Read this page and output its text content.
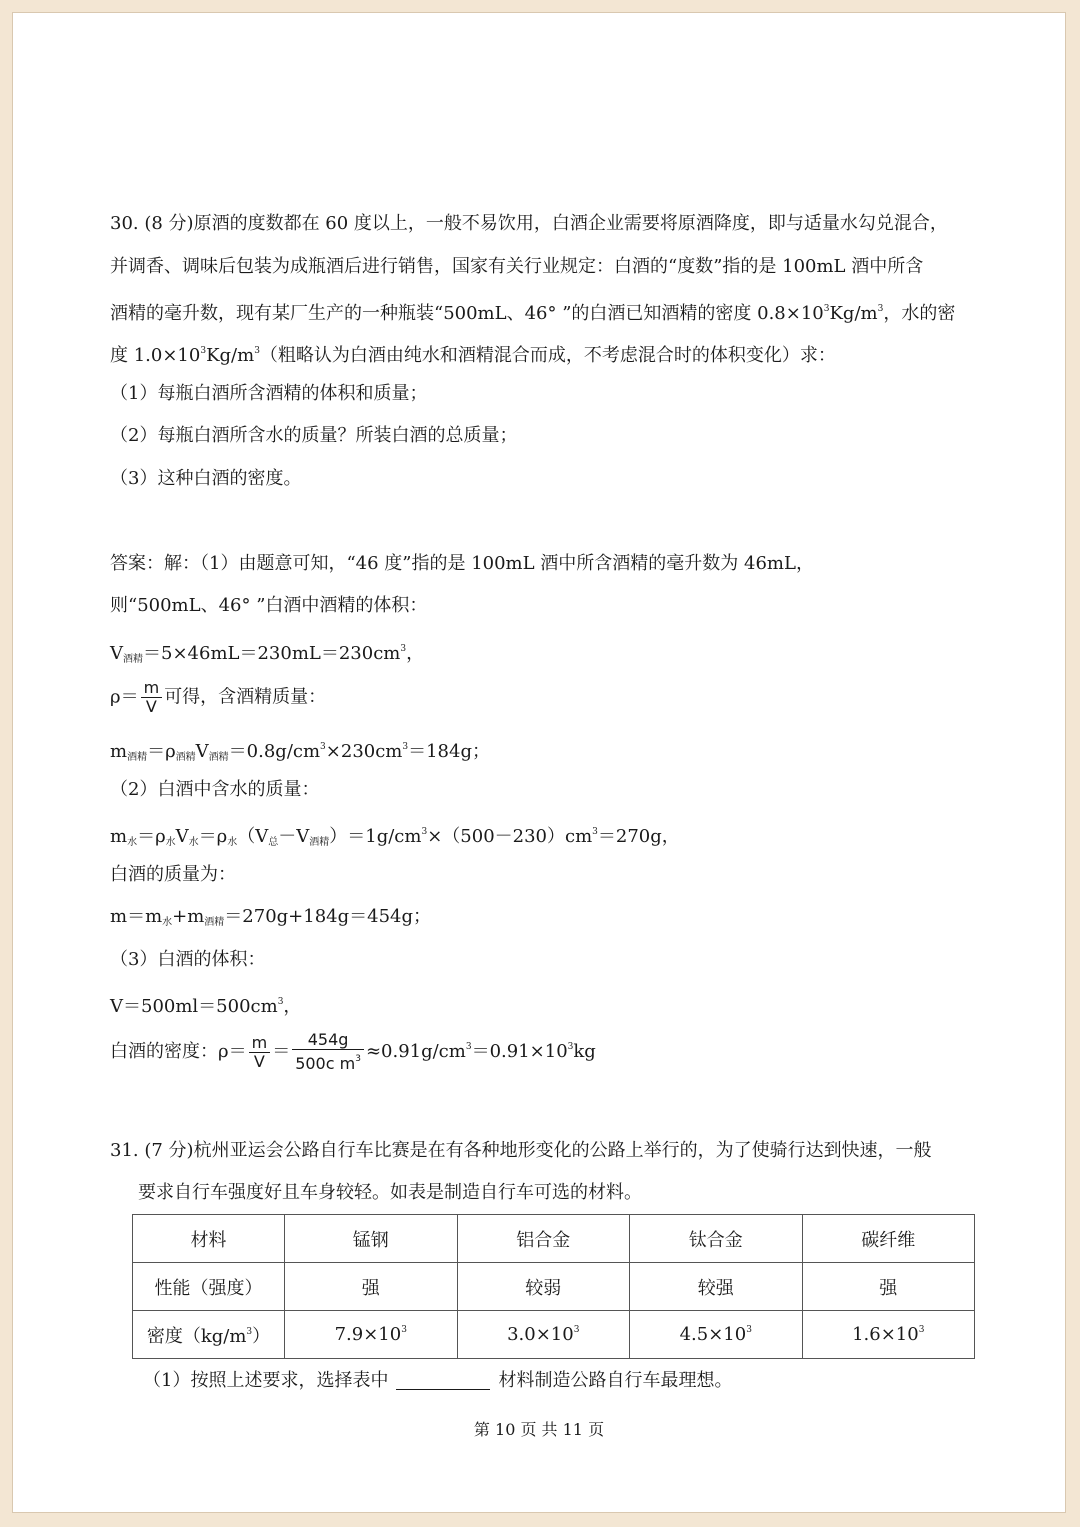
30. (8 分)原酒的度数都在 60 度以上，一般不易饮用，白酒企业需要将原酒降度，即与适量水勾兑混合，
并调香、调味后包装为成瓶酒后进行销售，国家有关行业规定：白酒的“度数”指的是 100mL 酒中所含
酒精的毫升数，现有某厂生产的一种瓶装“500mL、46° ”的白酒已知酒精的密度 $0.8\times 10^3Kg/m^3$，水的密
度 $1.0\times 10^3Kg/m^3$（粗略认为白酒由纯水和酒精混合而成，不考虑混合时的体积变化）求：
（1）每瓶白酒所含酒精的体积和质量；
（2）每瓶白酒所含水的质量？所装白酒的总质量；
（3）这种白酒的密度。
答案：解：（1）由题意可知，“46 度”指的是 100mL 酒中所含酒精的毫升数为 46mL，
则“500mL、46° ”白酒中酒精的体积：
$V_{酒精}=5\times 46mL=230mL=230cm^3$，
$\rho= \frac{m}{V}$ 可得，含酒精质量：
$m_{酒精}=\rho_{酒精}V_{酒精}=0.8g/cm^3\times 230cm^3=184g$；
（2）白酒中含水的质量：
$m_水=\rho_水V_水=\rho_水(V_总-V_{酒精})=1g/cm^3\times(500-230)cm^3=270g$，
白酒的质量为：
$m=m_水+m_{酒精}=270g+184g=454g$；
（3）白酒的体积：
$V=500ml=500cm^3$，
白酒的密度：$\rho= \frac{m}{V} = \frac{454g}{500c m^3} \approx 0.91g/cm^3=0.91\times 10^3kg$
31. (7 分)杭州亚运会公路自行车比赛是在有各种地形变化的公路上举行的，为了使骑行达到快速，一般
要求自行车强度好且车身较轻。如表是制造自行车可选的材料。
材料	锰钢	铝合金	钛合金	碳纤维
性能（强度）	强	较弱	较强	强
密度$(kg/m^3)$	$7.9\times 10^3$	$3.0\times 10^3$	$4.5\times 10^3$	$1.6\times 10^3$
（1）按照上述要求，选择表中	材料制造公路自行车最理想。
第 10 页 共 11 页
